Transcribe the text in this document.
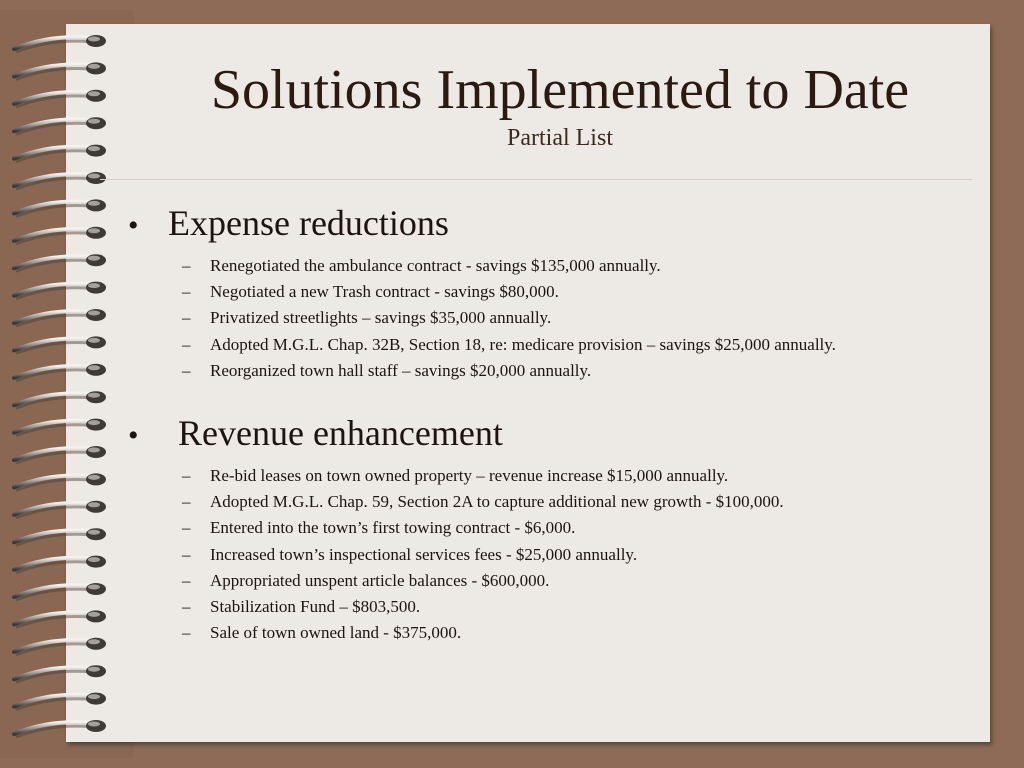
Solutions Implemented to Date
Partial List
• Expense reductions
–	Renegotiated the ambulance contract - savings $135,000 annually.
–	Negotiated a new Trash contract - savings $80,000.
–	Privatized streetlights – savings $35,000 annually.
–	Adopted M.G.L. Chap. 32B, Section 18, re: medicare provision – savings $25,000 annually.
–	Reorganized town hall staff – savings $20,000 annually.
•	Revenue enhancement
–	Re-bid leases on town owned property – revenue increase $15,000 annually.
–	Adopted M.G.L. Chap. 59, Section 2A to capture additional new growth - $100,000.
–	Entered into the town’s first towing contract - $6,000.
–	Increased town’s inspectional services fees - $25,000 annually.
–	Appropriated unspent article balances - $600,000.
–	Stabilization Fund – $803,500.
–	Sale of town owned land - $375,000.
